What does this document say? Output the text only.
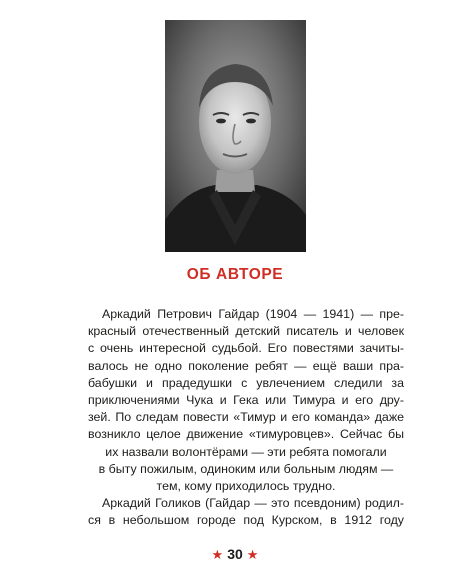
ОБ АВТОРЕ
Аркадий Петрович Гайдар (1904 — 1941) — пре-
красный отечественный детский писатель и человек
с очень интересной судьбой. Его повестями зачиты-
валось не одно поколение ребят — ещё ваши пра-
бабушки и прадедушки с увлечением следили за
приключениями Чука и Гека или Тимура и его дру-
зей. По следам повести «Тимур и его команда» даже
возникло целое движение «тимуровцев». Сейчас бы
их назвали волонтёрами — эти ребята помогали
в быту пожилым, одиноким или больным людям —
тем, кому приходилось трудно.
Аркадий Голиков (Гайдар — это псевдоним) родил-
ся в небольшом городе под Курском, в 1912 году
★ 30 ★
